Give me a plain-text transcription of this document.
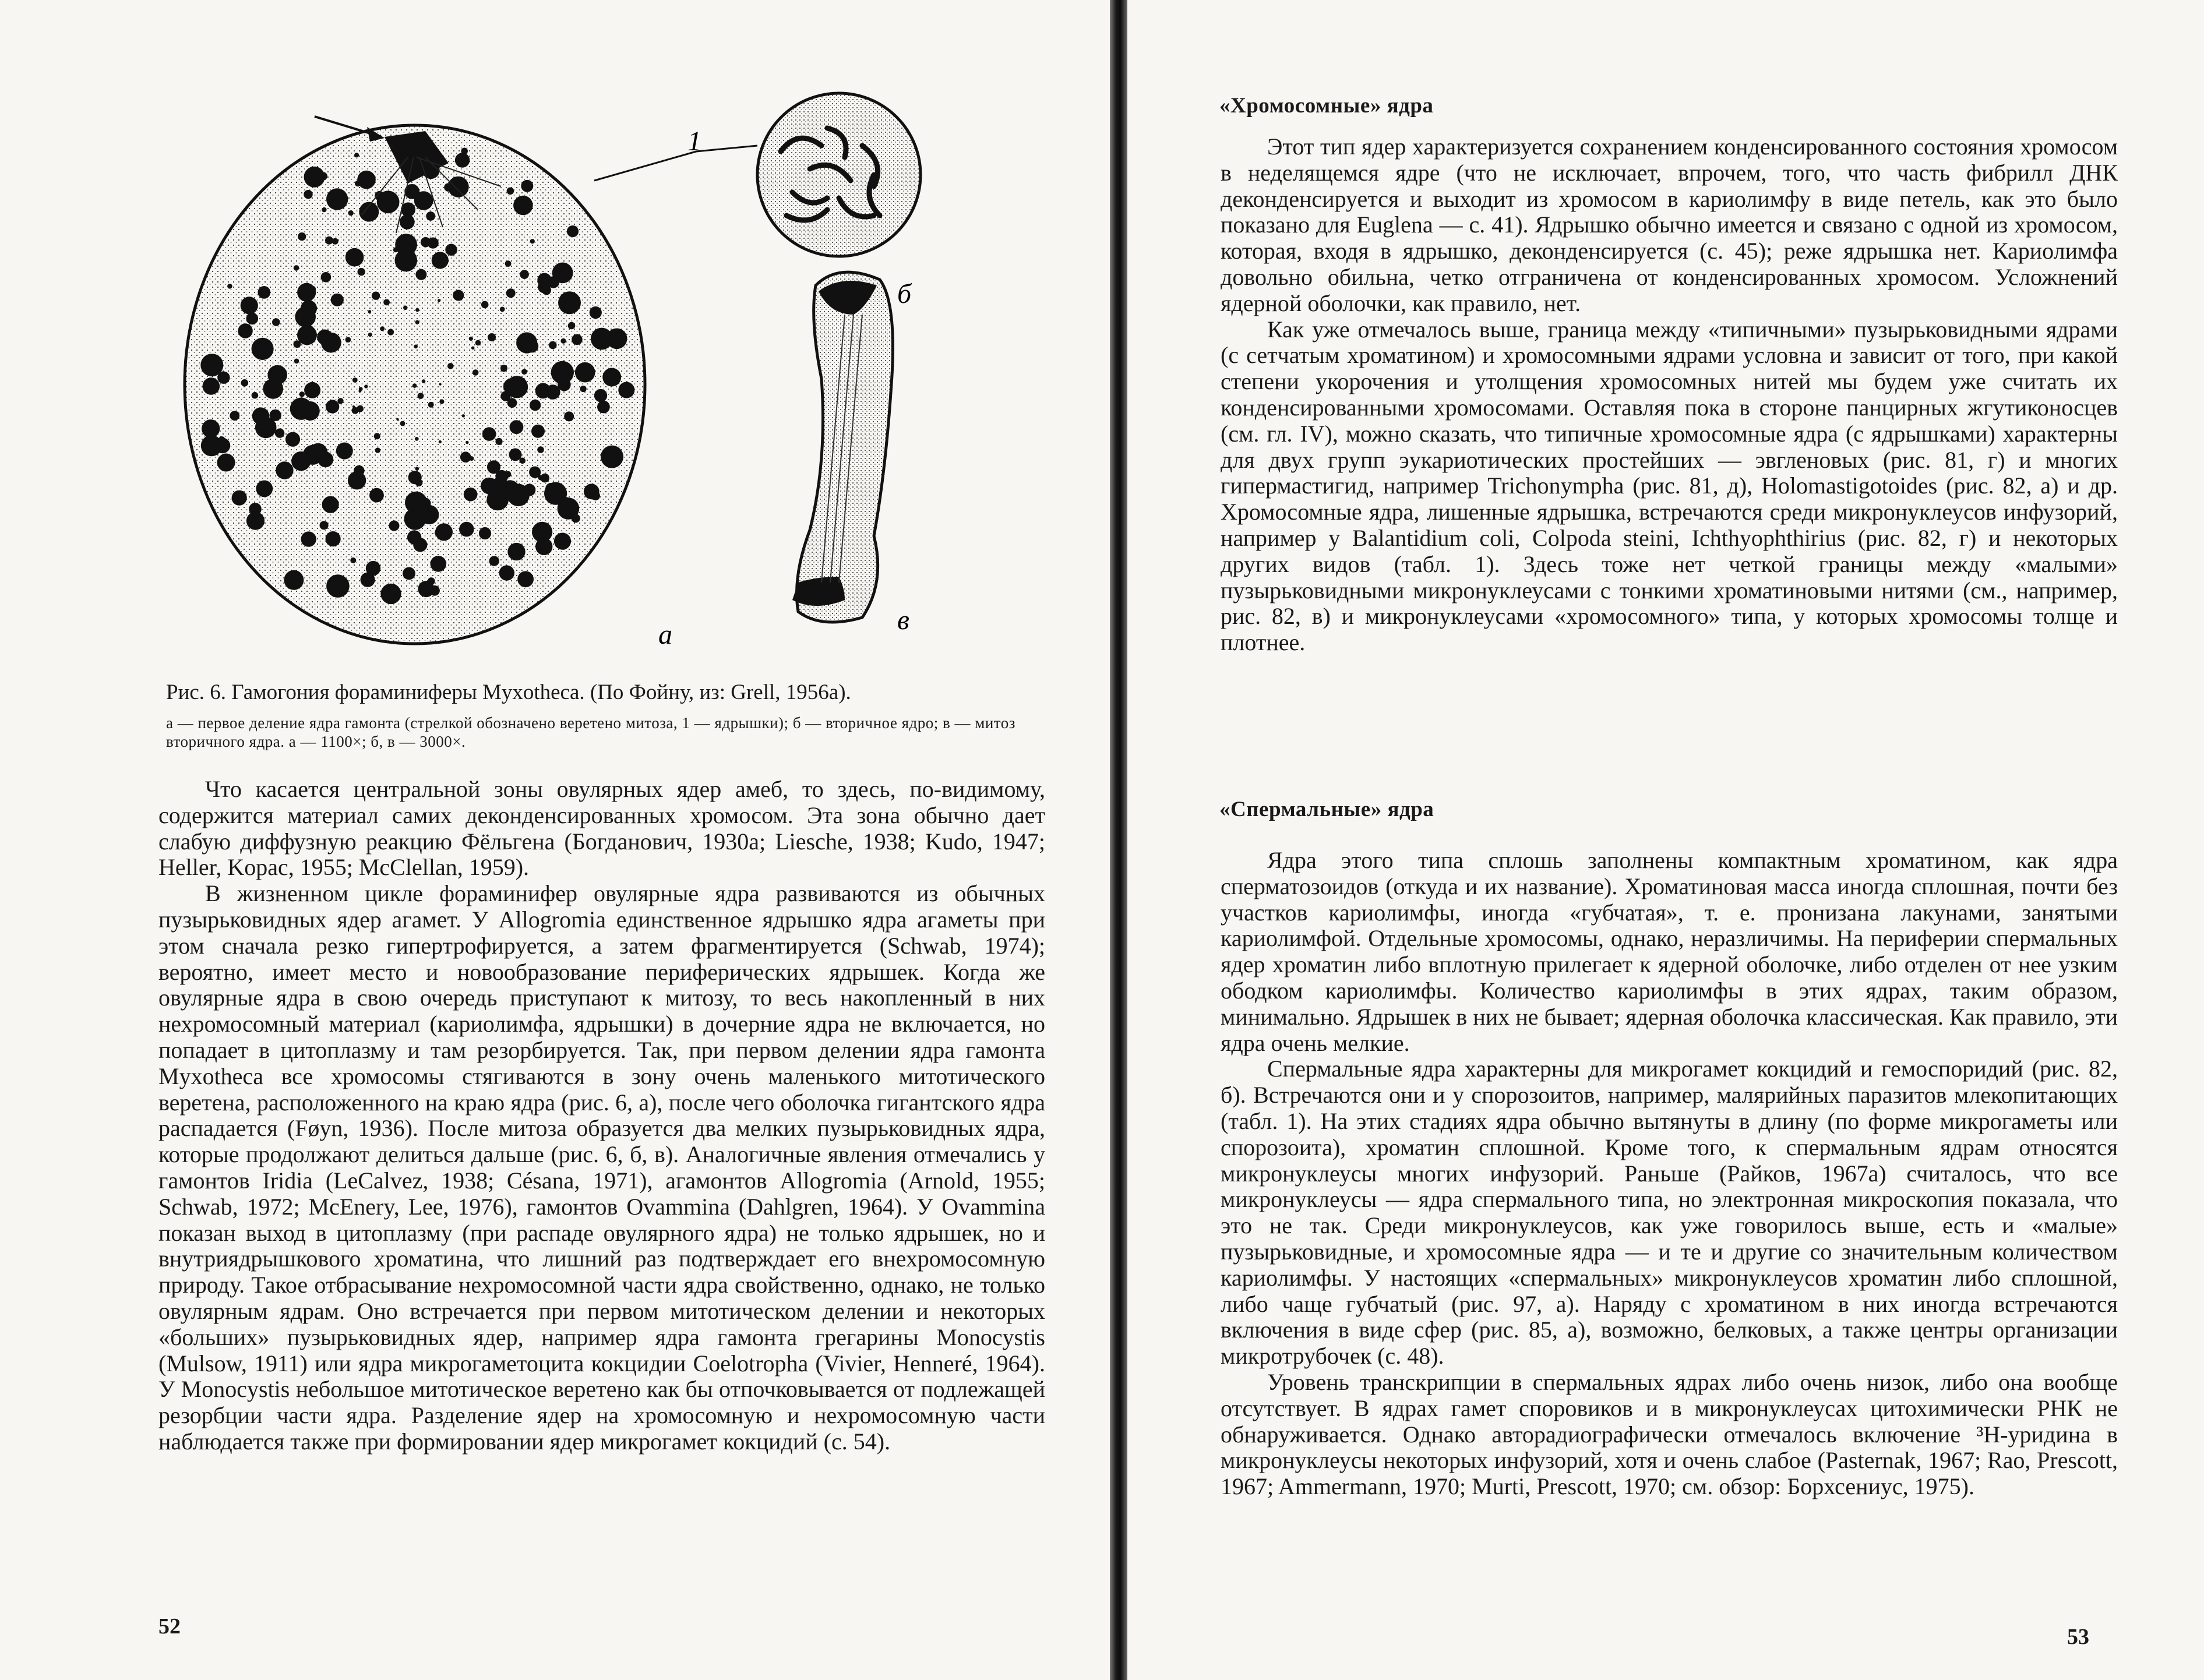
1
б
в
а
Рис. 6. Гамогония фораминиферы Myxotheca. (По Фойну, из: Grell, 1956a).
а — первое деление ядра гамонта (стрелкой обозначено веретено митоза, 1 — ядрышки); б — вторичное ядро; в — митоз вторичного ядра. а — 1100×; б, в — 3000×.

Что касается центральной зоны овулярных ядер амеб, то здесь, по-видимому, содержится материал самих деконденсированных хромосом. Эта зона обычно дает слабую диффузную реакцию Фёльгена (Богданович, 1930a; Liesche, 1938; Kudo, 1947; Heller, Kopac, 1955; McClellan, 1959).

В жизненном цикле фораминифер овулярные ядра развиваются из обычных пузырьковидных ядер агамет. У Allogromia единственное ядрышко ядра агаметы при этом сначала резко гипертрофируется, а затем фрагментируется (Schwab, 1974); вероятно, имеет место и новообразование периферических ядрышек. Когда же овулярные ядра в свою очередь приступают к митозу, то весь накопленный в них нехромосомный материал (кариолимфа, ядрышки) в дочерние ядра не включается, но попадает в цитоплазму и там резорбируется. Так, при первом делении ядра гамонта Myxotheca все хромосомы стягиваются в зону очень маленького митотического веретена, расположенного на краю ядра (рис. 6, а), после чего оболочка гигантского ядра распадается (Føyn, 1936). После митоза образуется два мелких пузырьковидных ядра, которые продолжают делиться дальше (рис. 6, б, в). Аналогичные явления отмечались у гамонтов Iridia (LeCalvez, 1938; Césana, 1971), агамонтов Allogromia (Arnold, 1955; Schwab, 1972; McEnery, Lee, 1976), гамонтов Ovammina (Dahlgren, 1964). У Ovammina показан выход в цитоплазму (при распаде овулярного ядра) не только ядрышек, но и внутриядрышкового хроматина, что лишний раз подтверждает его внехромосомную природу. Такое отбрасывание нехромосомной части ядра свойственно, однако, не только овулярным ядрам. Оно встречается при первом митотическом делении и некоторых «больших» пузырьковидных ядер, например ядра гамонта грегарины Monocystis (Mulsow, 1911) или ядра микрогаметоцита кокцидии Coelotropha (Vivier, Henneré, 1964). У Monocystis небольшое митотическое веретено как бы отпочковывается от подлежащей резорбции части ядра. Разделение ядер на хромосомную и нехромосомную части наблюдается также при формировании ядер микрогамет кокцидий (с. 54).

52
«Хромосомные» ядра

Этот тип ядер характеризуется сохранением конденсированного состояния хромосом в неделящемся ядре (что не исключает, впрочем, того, что часть фибрилл ДНК деконденсируется и выходит из хромосом в кариолимфу в виде петель, как это было показано для Euglena — с. 41). Ядрышко обычно имеется и связано с одной из хромосом, которая, входя в ядрышко, деконденсируется (с. 45); реже ядрышка нет. Кариолимфа довольно обильна, четко отграничена от конденсированных хромосом. Усложнений ядерной оболочки, как правило, нет.

Как уже отмечалось выше, граница между «типичными» пузырьковидными ядрами (с сетчатым хроматином) и хромосомными ядрами условна и зависит от того, при какой степени укорочения и утолщения хромосомных нитей мы будем уже считать их конденсированными хромосомами. Оставляя пока в стороне панцирных жгутиконосцев (см. гл. IV), можно сказать, что типичные хромосомные ядра (с ядрышками) характерны для двух групп эукариотических простейших — эвгленовых (рис. 81, г) и многих гипермастигид, например Trichonympha (рис. 81, д), Holomastigotoides (рис. 82, а) и др. Хромосомные ядра, лишенные ядрышка, встречаются среди микронуклеусов инфузорий, например у Balantidium coli, Colpoda steini, Ichthyophthirius (рис. 82, г) и некоторых других видов (табл. 1). Здесь тоже нет четкой границы между «малыми» пузырьковидными микронуклеусами с тонкими хроматиновыми нитями (см., например, рис. 82, в) и микронуклеусами «хромосомного» типа, у которых хромосомы толще и плотнее.

«Спермальные» ядра

Ядра этого типа сплошь заполнены компактным хроматином, как ядра сперматозоидов (откуда и их название). Хроматиновая масса иногда сплошная, почти без участков кариолимфы, иногда «губчатая», т. е. пронизана лакунами, занятыми кариолимфой. Отдельные хромосомы, однако, неразличимы. На периферии спермальных ядер хроматин либо вплотную прилегает к ядерной оболочке, либо отделен от нее узким ободком кариолимфы. Количество кариолимфы в этих ядрах, таким образом, минимально. Ядрышек в них не бывает; ядерная оболочка классическая. Как правило, эти ядра очень мелкие.

Спермальные ядра характерны для микрогамет кокцидий и гемоспоридий (рис. 82, б). Встречаются они и у спорозоитов, например, малярийных паразитов млекопитающих (табл. 1). На этих стадиях ядра обычно вытянуты в длину (по форме микрогаметы или спорозоита), хроматин сплошной. Кроме того, к спермальным ядрам относятся микронуклеусы многих инфузорий. Раньше (Райков, 1967a) считалось, что все микронуклеусы — ядра спермального типа, но электронная микроскопия показала, что это не так. Среди микронуклеусов, как уже говорилось выше, есть и «малые» пузырьковидные, и хромосомные ядра — и те и другие со значительным количеством кариолимфы. У настоящих «спермальных» микронуклеусов хроматин либо сплошной, либо чаще губчатый (рис. 97, а). Наряду с хроматином в них иногда встречаются включения в виде сфер (рис. 85, а), возможно, белковых, а также центры организации микротрубочек (с. 48).

Уровень транскрипции в спермальных ядрах либо очень низок, либо она вообще отсутствует. В ядрах гамет споровиков и в микронуклеусах цитохимически РНК не обнаруживается. Однако авторадиографически отмечалось включение ³H-уридина в микронуклеусы некоторых инфузорий, хотя и очень слабое (Pasternak, 1967; Rao, Prescott, 1967; Ammermann, 1970; Murti, Prescott, 1970; см. обзор: Борхсениус, 1975).

53
